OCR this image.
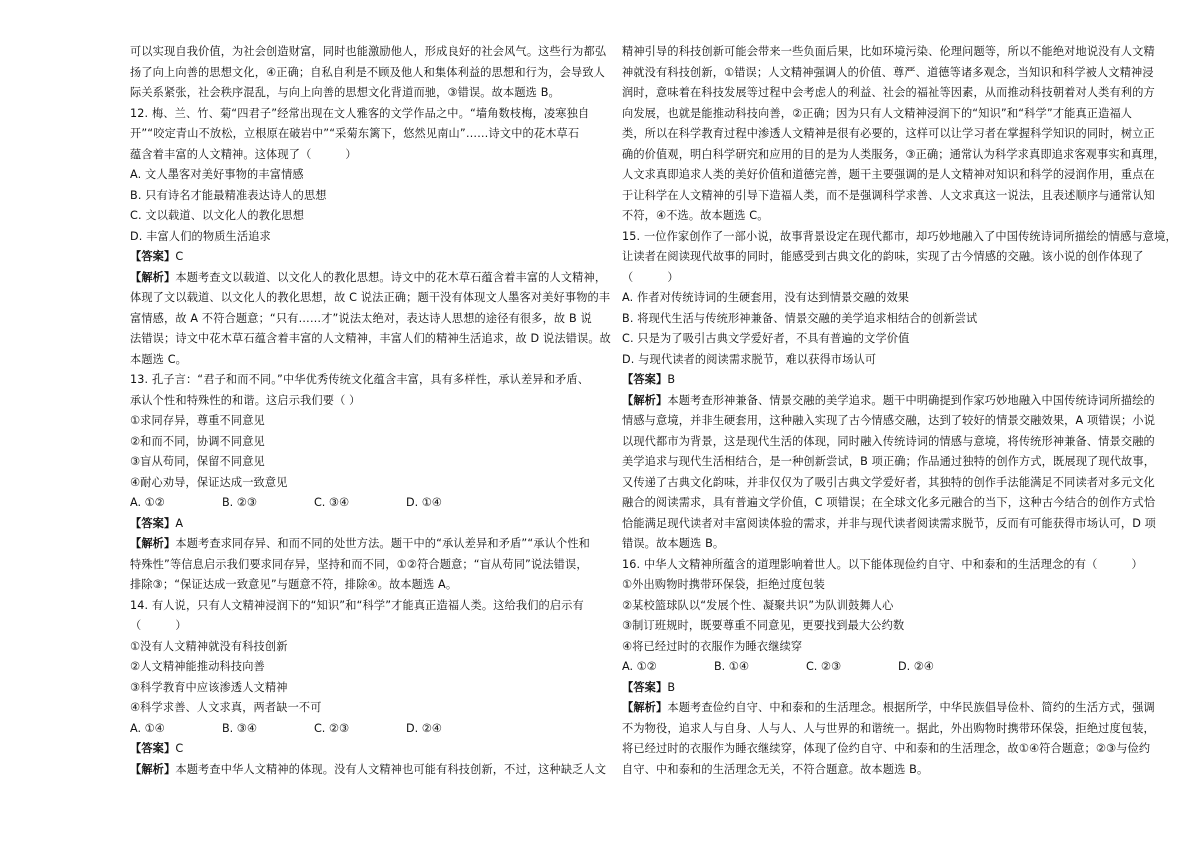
可以实现自我价值，为社会创造财富，同时也能激励他人，形成良好的社会风气。这些行为都弘
扬了向上向善的思想文化，④正确；自私自利是不顾及他人和集体利益的思想和行为，会导致人
际关系紧张，社会秩序混乱，与向上向善的思想文化背道而驰，③错误。故本题选 B。
12. 梅、兰、竹、菊“四君子”经常出现在文人雅客的文学作品之中。“墙角数枝梅，凌寒独自
开”“咬定青山不放松，立根原在破岩中”“采菊东篱下，悠然见南山”……诗文中的花木草石
蕴含着丰富的人文精神。这体现了（　　　）
A. 文人墨客对美好事物的丰富情感
B. 只有诗名才能最精准表达诗人的思想
C. 文以载道、以文化人的教化思想
D. 丰富人们的物质生活追求
【答案】C
【解析】本题考查文以载道、以文化人的教化思想。诗文中的花木草石蕴含着丰富的人文精神，
体现了文以载道、以文化人的教化思想，故 C 说法正确；题干没有体现文人墨客对美好事物的丰
富情感，故 A 不符合题意；“只有……才”说法太绝对，表达诗人思想的途径有很多，故 B 说
法错误；诗文中花木草石蕴含着丰富的人文精神，丰富人们的精神生活追求，故 D 说法错误。故
本题选 C。
13. 孔子言：“君子和而不同。”中华优秀传统文化蕴含丰富，具有多样性，承认差异和矛盾、
承认个性和特殊性的和谐。这启示我们要（ ）
①求同存异，尊重不同意见
②和而不同，协调不同意见
③盲从苟同，保留不同意见
④耐心劝导，保证达成一致意见
A. ①②	B. ②③	C. ③④	D. ①④
【答案】A
【解析】本题考查求同存异、和而不同的处世方法。题干中的“承认差异和矛盾”“承认个性和
特殊性”等信息启示我们要求同存异，坚持和而不同，①②符合题意；“盲从苟同”说法错误，
排除③；“保证达成一致意见”与题意不符，排除④。故本题选 A。
14. 有人说，只有人文精神浸润下的“知识”和“科学”才能真正造福人类。这给我们的启示有
（　　　）
①没有人文精神就没有科技创新
②人文精神能推动科技向善
③科学教育中应该渗透人文精神
④科学求善、人文求真，两者缺一不可
A. ①④	B. ③④	C. ②③	D. ②④
【答案】C
【解析】本题考查中华人文精神的体现。没有人文精神也可能有科技创新，不过，这种缺乏人文
精神引导的科技创新可能会带来一些负面后果，比如环境污染、伦理问题等，所以不能绝对地说没有人文精
神就没有科技创新，①错误；人文精神强调人的价值、尊严、道德等诸多观念，当知识和科学被人文精神浸
润时，意味着在科技发展等过程中会考虑人的利益、社会的福祉等因素，从而推动科技朝着对人类有利的方
向发展，也就是能推动科技向善，②正确；因为只有人文精神浸润下的“知识”和“科学”才能真正造福人
类，所以在科学教育过程中渗透人文精神是很有必要的，这样可以让学习者在掌握科学知识的同时，树立正
确的价值观，明白科学研究和应用的目的是为人类服务，③正确；通常认为科学求真即追求客观事实和真理，
人文求真即追求人类的美好价值和道德完善，题干主要强调的是人文精神对知识和科学的浸润作用，重点在
于让科学在人文精神的引导下造福人类，而不是强调科学求善、人文求真这一说法，且表述顺序与通常认知
不符，④不选。故本题选 C。
15. 一位作家创作了一部小说，故事背景设定在现代都市，却巧妙地融入了中国传统诗词所描绘的情感与意境，
让读者在阅读现代故事的同时，能感受到古典文化的韵味，实现了古今情感的交融。该小说的创作体现了
（　　　）
A. 作者对传统诗词的生硬套用，没有达到情景交融的效果
B. 将现代生活与传统形神兼备、情景交融的美学追求相结合的创新尝试
C. 只是为了吸引古典文学爱好者，不具有普遍的文学价值
D. 与现代读者的阅读需求脱节，难以获得市场认可
【答案】B
【解析】本题考查形神兼备、情景交融的美学追求。题干中明确提到作家巧妙地融入中国传统诗词所描绘的
情感与意境，并非生硬套用，这种融入实现了古今情感交融，达到了较好的情景交融效果，A 项错误；小说
以现代都市为背景，这是现代生活的体现，同时融入传统诗词的情感与意境，将传统形神兼备、情景交融的
美学追求与现代生活相结合，是一种创新尝试，B 项正确；作品通过独特的创作方式，既展现了现代故事，
又传递了古典文化韵味，并非仅仅为了吸引古典文学爱好者，其独特的创作手法能满足不同读者对多元文化
融合的阅读需求，具有普遍文学价值，C 项错误；在全球文化多元融合的当下，这种古今结合的创作方式恰
恰能满足现代读者对丰富阅读体验的需求，并非与现代读者阅读需求脱节，反而有可能获得市场认可，D 项
错误。故本题选 B。
16. 中华人文精神所蕴含的道理影响着世人。以下能体现俭约自守、中和泰和的生活理念的有（　　　）
①外出购物时携带环保袋，拒绝过度包装
②某校篮球队以“发展个性、凝聚共识”为队训鼓舞人心
③制订班规时，既要尊重不同意见，更要找到最大公约数
④将已经过时的衣服作为睡衣继续穿
A. ①②	B. ①④	C. ②③	D. ②④
【答案】B
【解析】本题考查俭约自守、中和泰和的生活理念。根据所学，中华民族倡导俭朴、简约的生活方式，强调
不为物役，追求人与自身、人与人、人与世界的和谐统一。据此，外出购物时携带环保袋，拒绝过度包装，
将已经过时的衣服作为睡衣继续穿，体现了俭约自守、中和泰和的生活理念，故①④符合题意；②③与俭约
自守、中和泰和的生活理念无关，不符合题意。故本题选 B。
